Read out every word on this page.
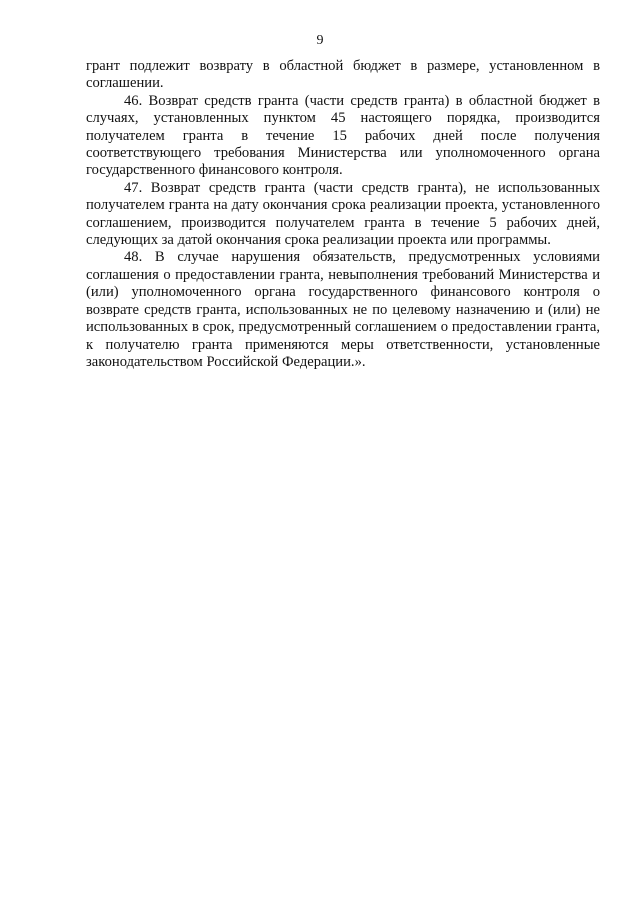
9

грант подлежит возврату в областной бюджет в размере, установленном в соглашении.

46. Возврат средств гранта (части средств гранта) в областной бюджет в случаях, установленных пунктом 45 настоящего порядка, производится получателем гранта в течение 15 рабочих дней после получения соответствующего требования Министерства или уполномоченного органа государственного финансового контроля.

47. Возврат средств гранта (части средств гранта), не использованных получателем гранта на дату окончания срока реализации проекта, установленного соглашением, производится получателем гранта в течение 5 рабочих дней, следующих за датой окончания срока реализации проекта или программы.

48. В случае нарушения обязательств, предусмотренных условиями соглашения о предоставлении гранта, невыполнения требований Министерства и (или) уполномоченного органа государственного финансового контроля о возврате средств гранта, использованных не по целевому назначению и (или) не использованных в срок, предусмотренный соглашением о предоставлении гранта, к получателю гранта применяются меры ответственности, установленные законодательством Российской Федерации.».
